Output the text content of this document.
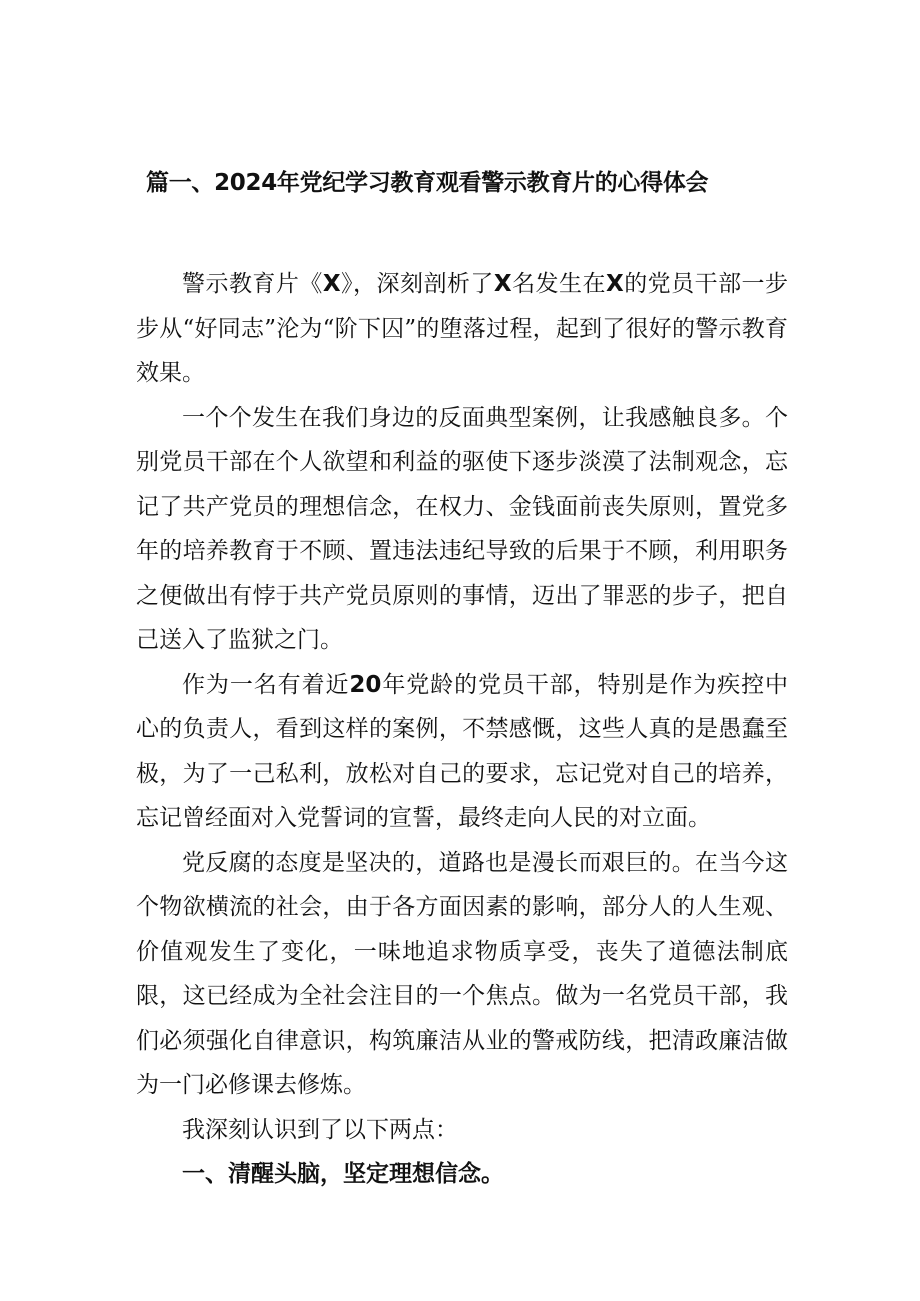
篇一、2024年党纪学习教育观看警示教育片的心得体会

警示教育片《X》，深刻剖析了X名发生在X的党员干部一步步从“好同志”沦为“阶下囚”的堕落过程，起到了很好的警示教育效果。

一个个发生在我们身边的反面典型案例，让我感触良多。个别党员干部在个人欲望和利益的驱使下逐步淡漠了法制观念，忘记了共产党员的理想信念，在权力、金钱面前丧失原则，置党多年的培养教育于不顾、置违法违纪导致的后果于不顾，利用职务之便做出有悖于共产党员原则的事情，迈出了罪恶的步子，把自己送入了监狱之门。

作为一名有着近20年党龄的党员干部，特别是作为疾控中心的负责人，看到这样的案例，不禁感慨，这些人真的是愚蠢至极，为了一己私利，放松对自己的要求，忘记党对自己的培养，忘记曾经面对入党誓词的宣誓，最终走向人民的对立面。

党反腐的态度是坚决的，道路也是漫长而艰巨的。在当今这个物欲横流的社会，由于各方面因素的影响，部分人的人生观、价值观发生了变化，一味地追求物质享受，丧失了道德法制底限，这已经成为全社会注目的一个焦点。做为一名党员干部，我们必须强化自律意识，构筑廉洁从业的警戒防线，把清政廉洁做为一门必修课去修炼。

我深刻认识到了以下两点：

一、清醒头脑，坚定理想信念。
